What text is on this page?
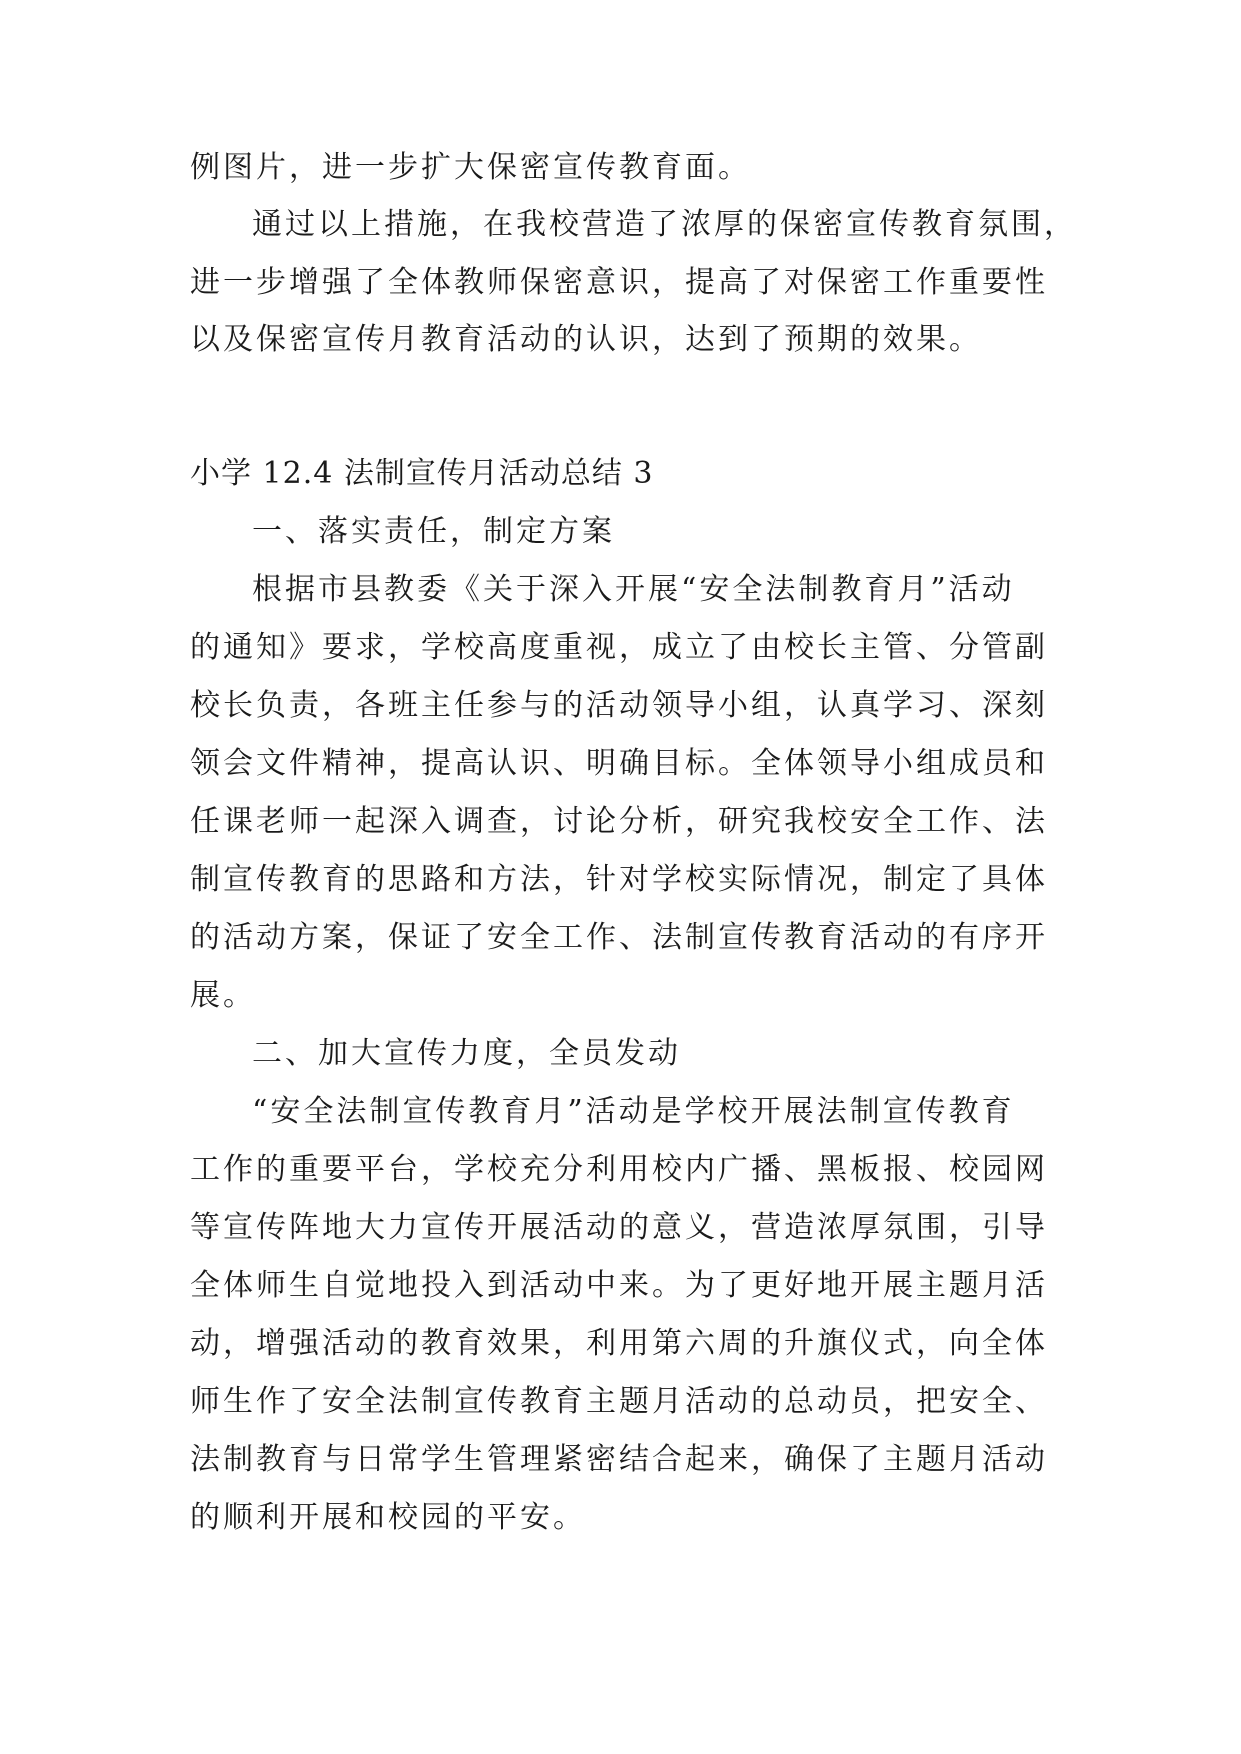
例图片，进一步扩大保密宣传教育面。
通过以上措施，在我校营造了浓厚的保密宣传教育氛围，
进一步增强了全体教师保密意识，提高了对保密工作重要性
以及保密宣传月教育活动的认识，达到了预期的效果。
小学 12.4 法制宣传月活动总结 3
一、落实责任，制定方案
根据市县教委《关于深入开展“安全法制教育月”活动
的通知》要求，学校高度重视，成立了由校长主管、分管副
校长负责，各班主任参与的活动领导小组，认真学习、深刻
领会文件精神，提高认识、明确目标。全体领导小组成员和
任课老师一起深入调查，讨论分析，研究我校安全工作、法
制宣传教育的思路和方法，针对学校实际情况，制定了具体
的活动方案，保证了安全工作、法制宣传教育活动的有序开
展。
二、加大宣传力度，全员发动
“安全法制宣传教育月”活动是学校开展法制宣传教育
工作的重要平台，学校充分利用校内广播、黑板报、校园网
等宣传阵地大力宣传开展活动的意义，营造浓厚氛围，引导
全体师生自觉地投入到活动中来。为了更好地开展主题月活
动，增强活动的教育效果，利用第六周的升旗仪式，向全体
师生作了安全法制宣传教育主题月活动的总动员，把安全、
法制教育与日常学生管理紧密结合起来，确保了主题月活动
的顺利开展和校园的平安。
